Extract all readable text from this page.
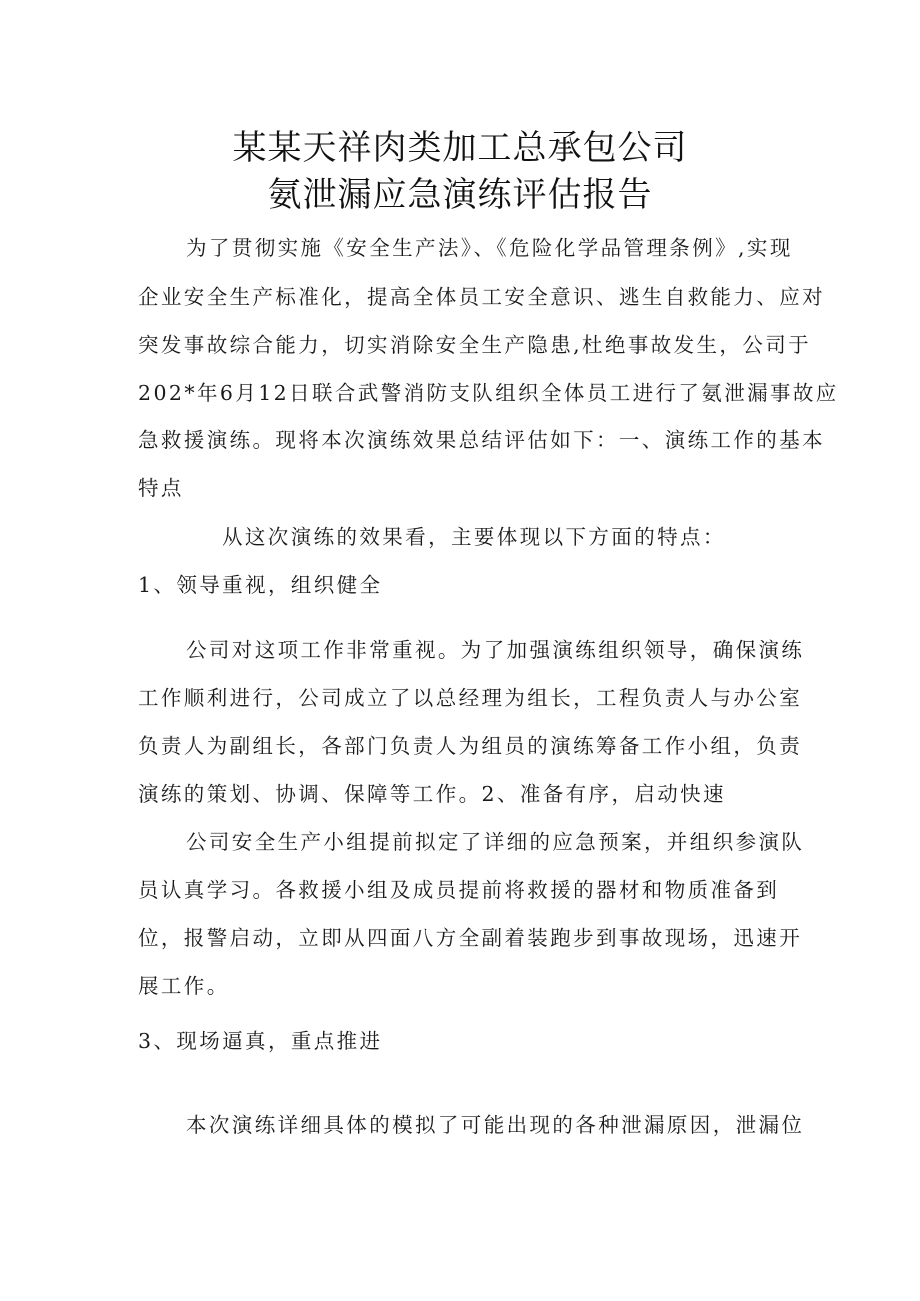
某某天祥肉类加工总承包公司
氨泄漏应急演练评估报告
为了贯彻实施《安全生产法》、《危险化学品管理条例》,实现
企业安全生产标准化，提高全体员工安全意识、逃生自救能力、应对
突发事故综合能力，切实消除安全生产隐患,杜绝事故发生，公司于
202*年6月12日联合武警消防支队组织全体员工进行了氨泄漏事故应
急救援演练。现将本次演练效果总结评估如下：一、演练工作的基本
特点
从这次演练的效果看，主要体现以下方面的特点：
1、领导重视，组织健全
公司对这项工作非常重视。为了加强演练组织领导，确保演练
工作顺利进行，公司成立了以总经理为组长，工程负责人与办公室
负责人为副组长，各部门负责人为组员的演练筹备工作小组，负责
演练的策划、协调、保障等工作。2、准备有序，启动快速
公司安全生产小组提前拟定了详细的应急预案，并组织参演队
员认真学习。各救援小组及成员提前将救援的器材和物质准备到
位，报警启动，立即从四面八方全副着装跑步到事故现场，迅速开
展工作。
3、现场逼真，重点推进
本次演练详细具体的模拟了可能出现的各种泄漏原因，泄漏位
